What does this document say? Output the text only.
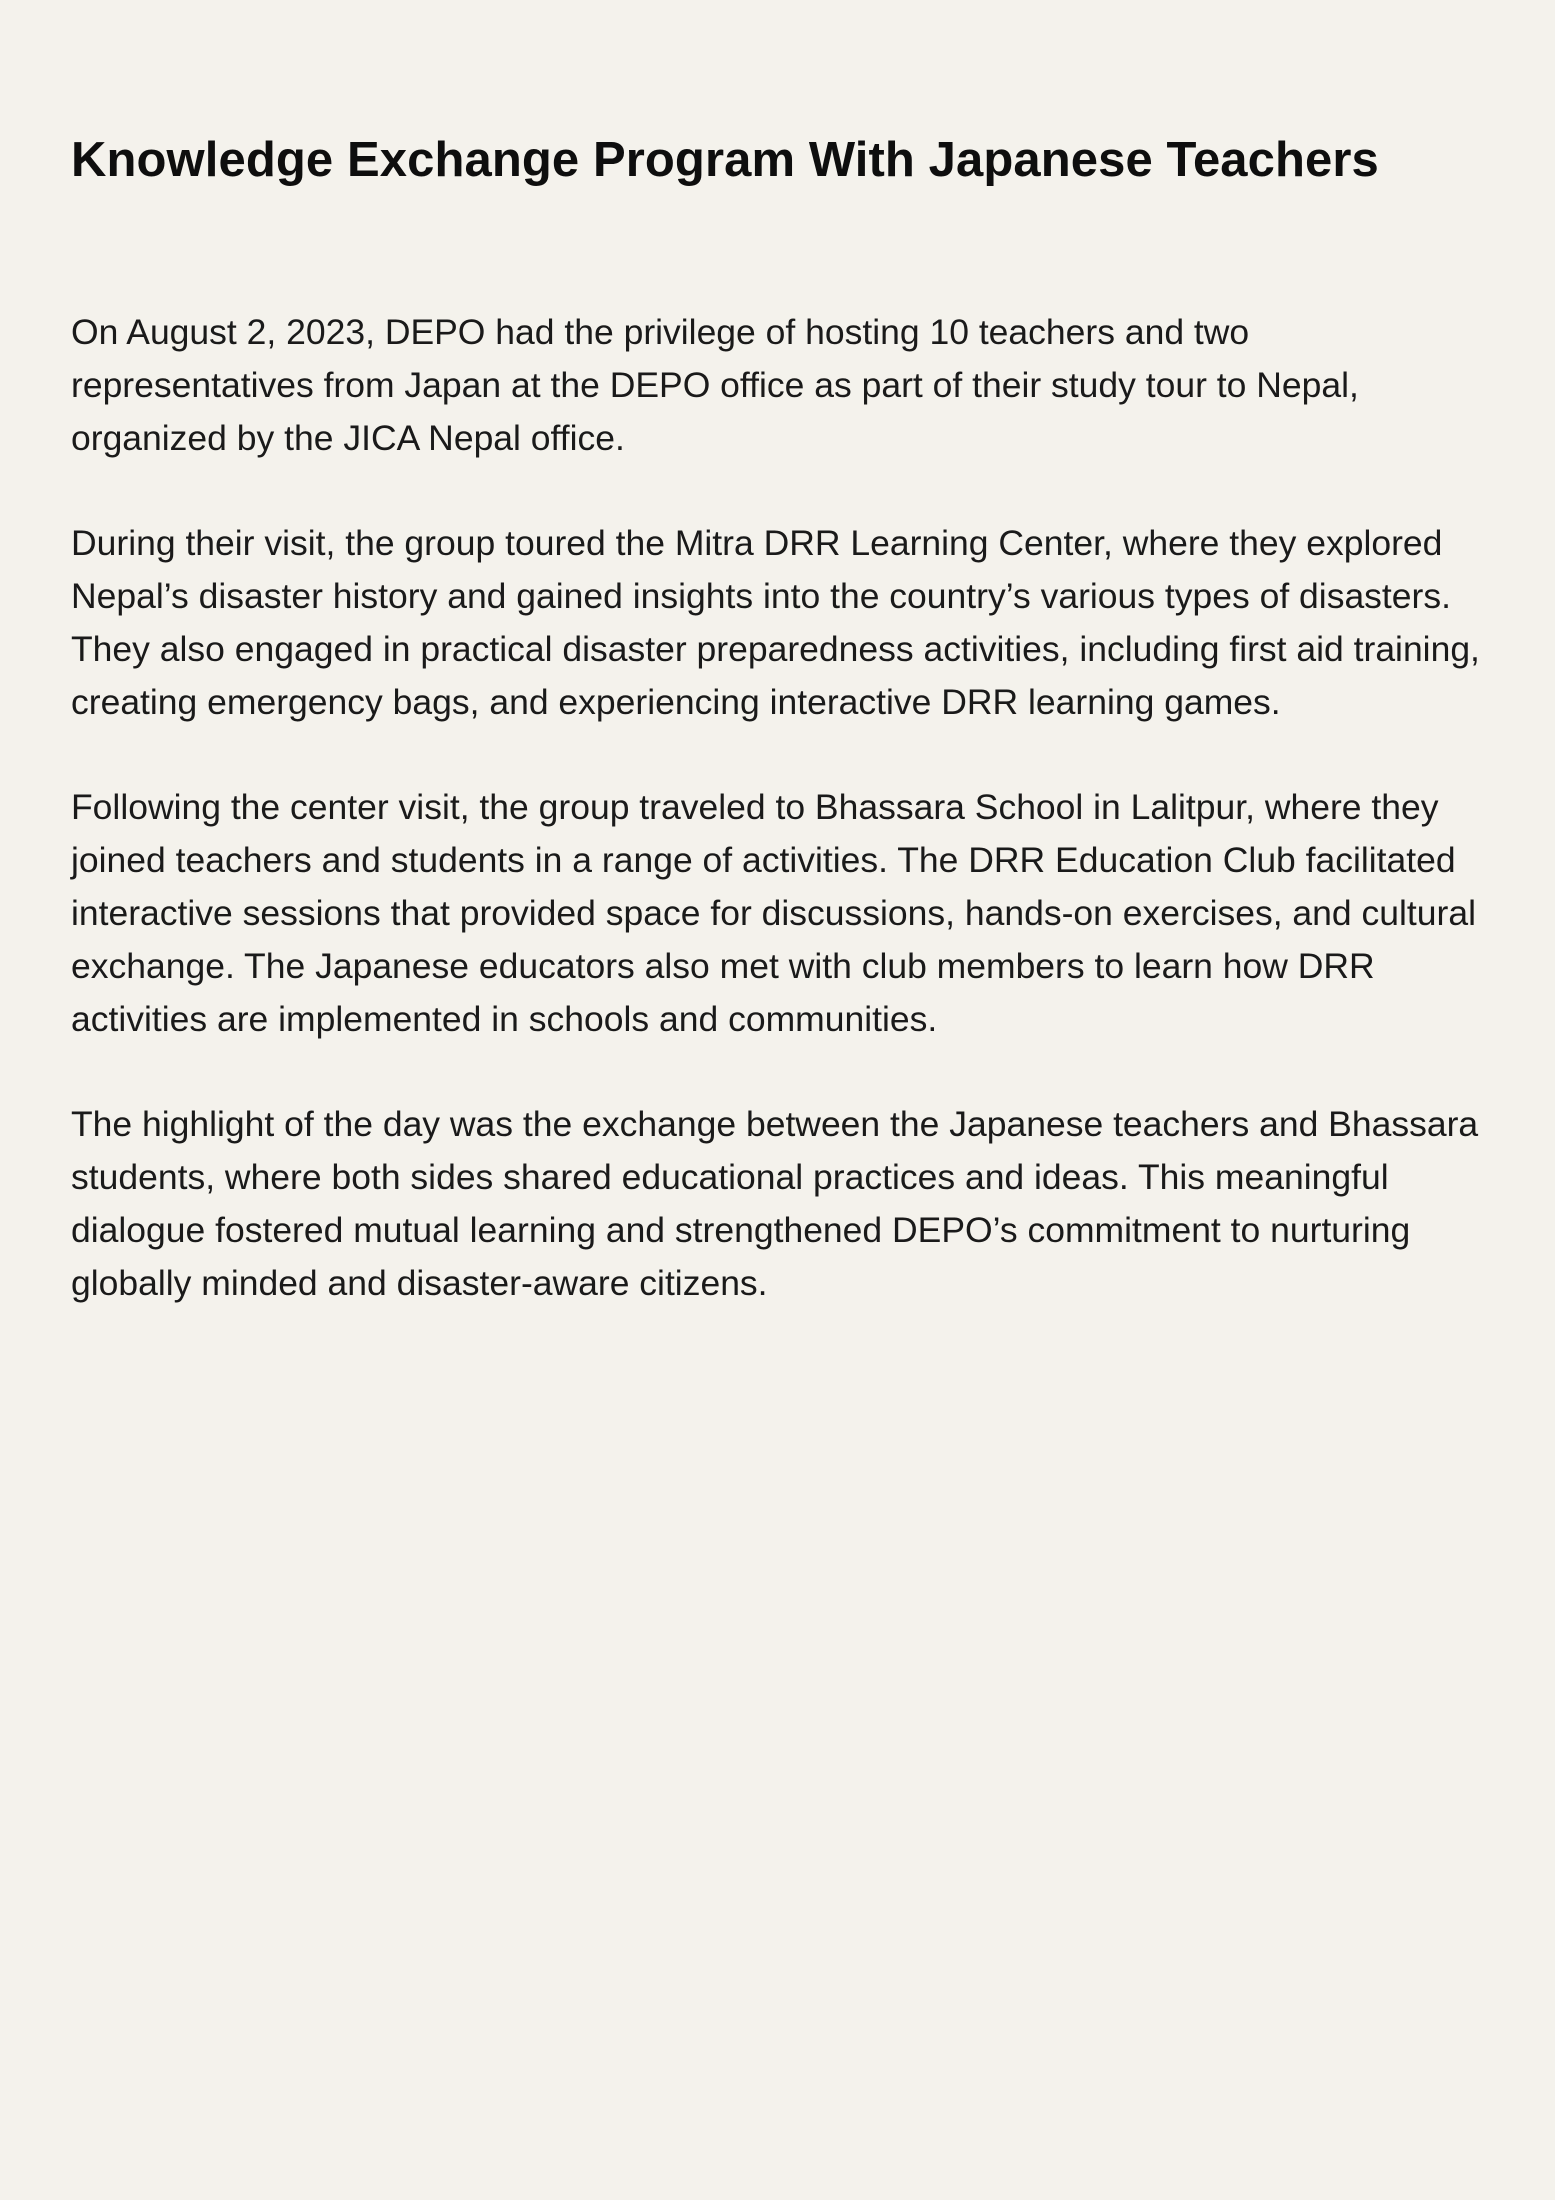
Knowledge Exchange Program With Japanese Teachers

On August 2, 2023, DEPO had the privilege of hosting 10 teachers and two representatives from Japan at the DEPO office as part of their study tour to Nepal, organized by the JICA Nepal office.

During their visit, the group toured the Mitra DRR Learning Center, where they explored Nepal’s disaster history and gained insights into the country’s various types of disasters. They also engaged in practical disaster preparedness activities, including first aid training, creating emergency bags, and experiencing interactive DRR learning games.

Following the center visit, the group traveled to Bhassara School in Lalitpur, where they joined teachers and students in a range of activities. The DRR Education Club facilitated interactive sessions that provided space for discussions, hands-on exercises, and cultural exchange. The Japanese educators also met with club members to learn how DRR activities are implemented in schools and communities.

The highlight of the day was the exchange between the Japanese teachers and Bhassara students, where both sides shared educational practices and ideas. This meaningful dialogue fostered mutual learning and strengthened DEPO’s commitment to nurturing globally minded and disaster-aware citizens.
